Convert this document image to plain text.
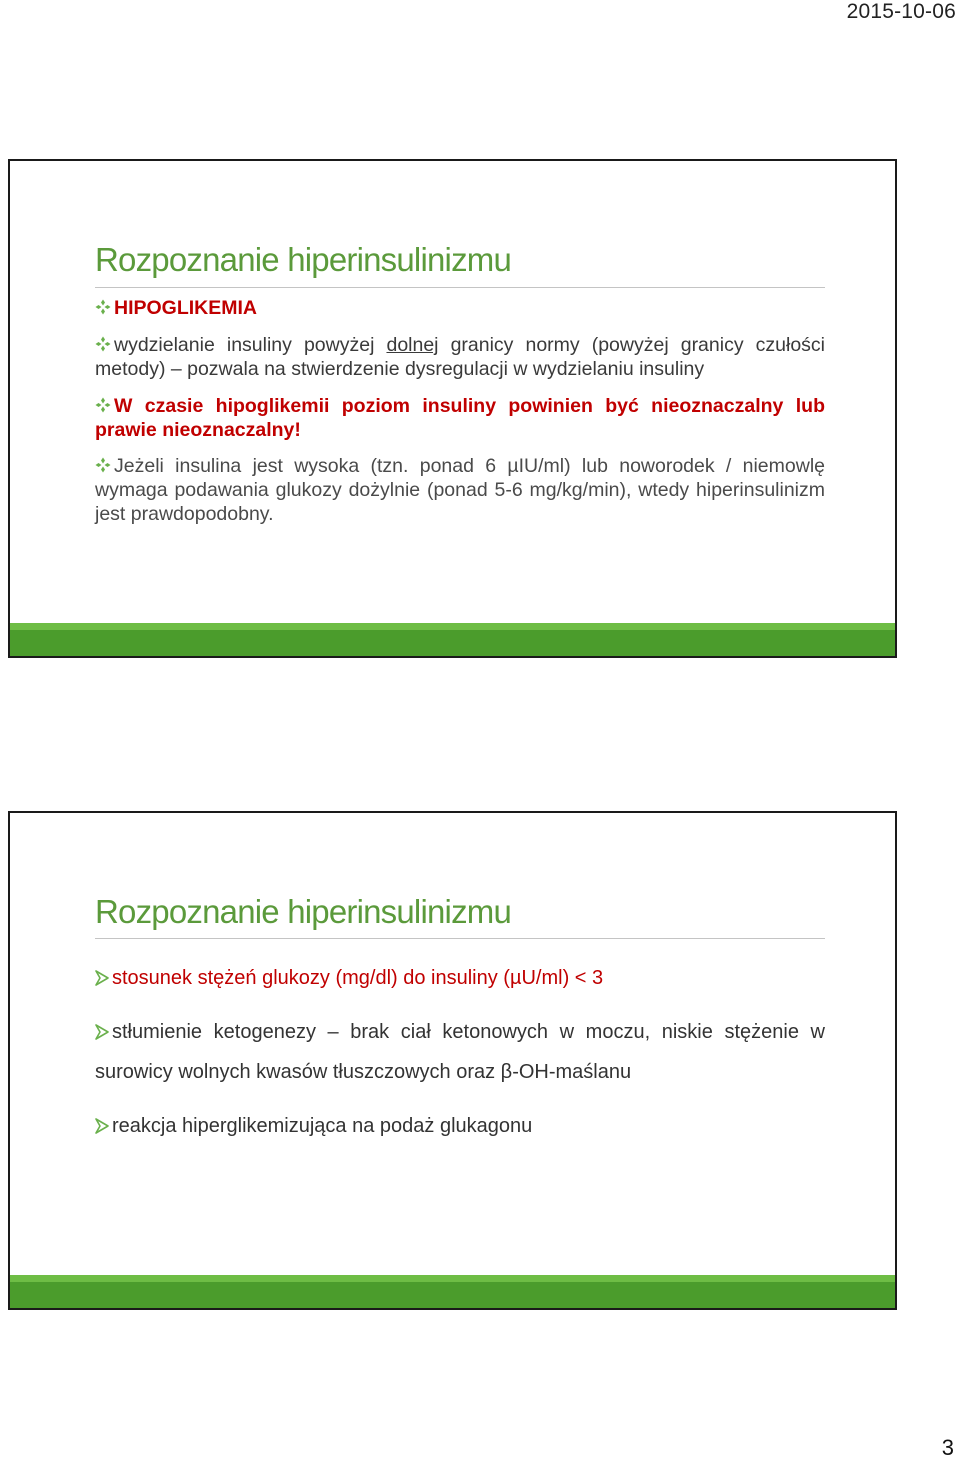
2015-10-06
Rozpoznanie hiperinsulinizmu
HIPOGLIKEMIA
wydzielanie insuliny powyżej dolnej granicy normy (powyżej granicy czułości metody) – pozwala na stwierdzenie dysregulacji w wydzielaniu insuliny
W czasie hipoglikemii poziom insuliny powinien być nieoznaczalny lub prawie nieoznaczalny!
Jeżeli insulina jest wysoka (tzn. ponad 6 µIU/ml) lub noworodek / niemowlę wymaga podawania glukozy dożylnie (ponad 5-6 mg/kg/min), wtedy hiperinsulinizm jest prawdopodobny.
Rozpoznanie hiperinsulinizmu
stosunek stężeń glukozy (mg/dl) do insuliny (µU/ml) < 3
stłumienie ketogenezy – brak ciał ketonowych w moczu, niskie stężenie w surowicy wolnych kwasów tłuszczowych oraz β-OH-maślanu
reakcja hiperglikemizująca na podaż glukagonu
3
